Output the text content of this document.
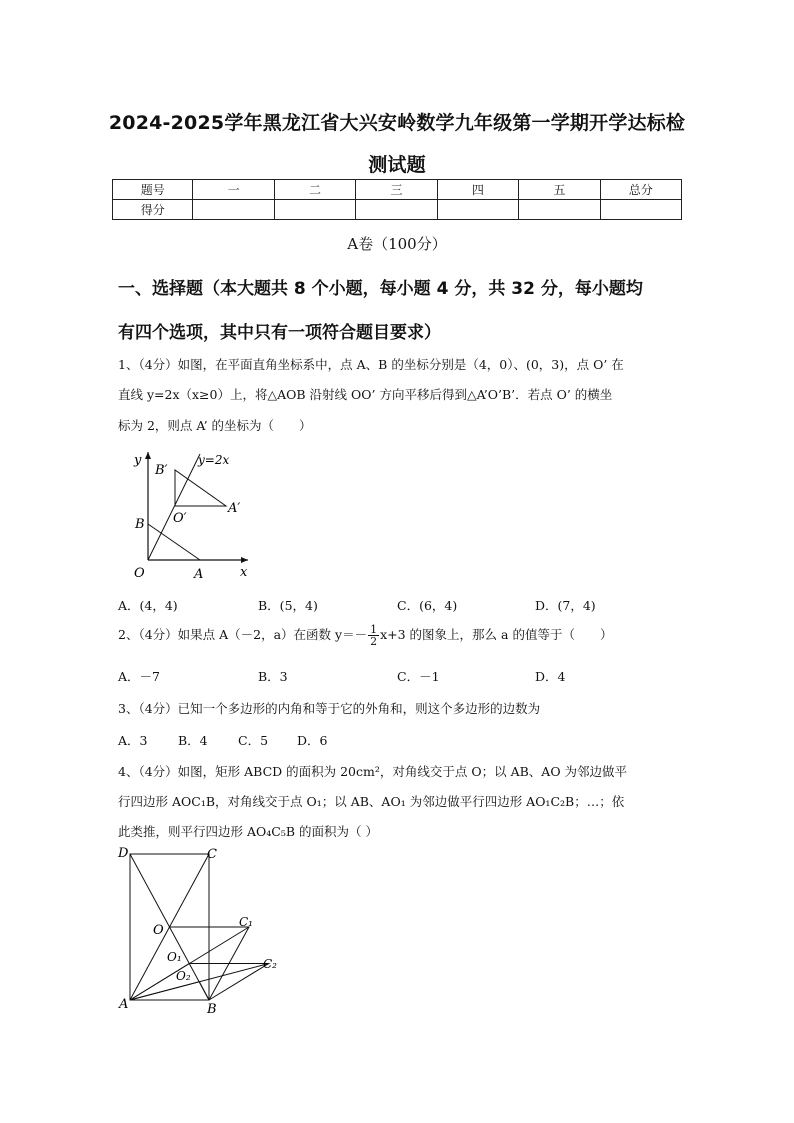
2024-2025学年黑龙江省大兴安岭数学九年级第一学期开学达标检
测试题
题号	一	二	三	四	五	总分
得分						
A卷（100分）
一、选择题（本大题共 8 个小题，每小题 4 分，共 32 分，每小题均
有四个选项，其中只有一项符合题目要求）
1、（4分）如图，在平面直角坐标系中，点 A、B 的坐标分别是（4，0）、(0，3)，点 O’ 在
直线 y=2x（x≥0）上，将△AOB 沿射线 OO’ 方向平移后得到△A’O’B’．若点 O’ 的横坐
标为 2，则点 A’ 的坐标为（　　）
y
x
O	A
B
B′
O′
A′
y=2x
A．(4，4)	B．(5，4)	C．(6，4)	D．(7，4)
2、（4分）如果点 A（－2，a）在函数 $y=- \frac{1}{2} x+3$ 的图象上，那么 a 的值等于（　　）
A．－7	B．3	C．－1	D．4
3、（4分）已知一个多边形的内角和等于它的外角和，则这个多边形的边数为
A．3 B．4 C．5 D．6
4、（4分）如图，矩形 ABCD 的面积为 20cm²，对角线交于点 O；以 AB、AO 为邻边做平
行四边形 AOC₁B，对角线交于点 O₁；以 AB、AO₁ 为邻边做平行四边形 AO₁C₂B；…；依
此类推，则平行四边形 AO₄C₅B 的面积为（ ）
D	C
O
C₁
O₁	C₂
O₂
A	B
